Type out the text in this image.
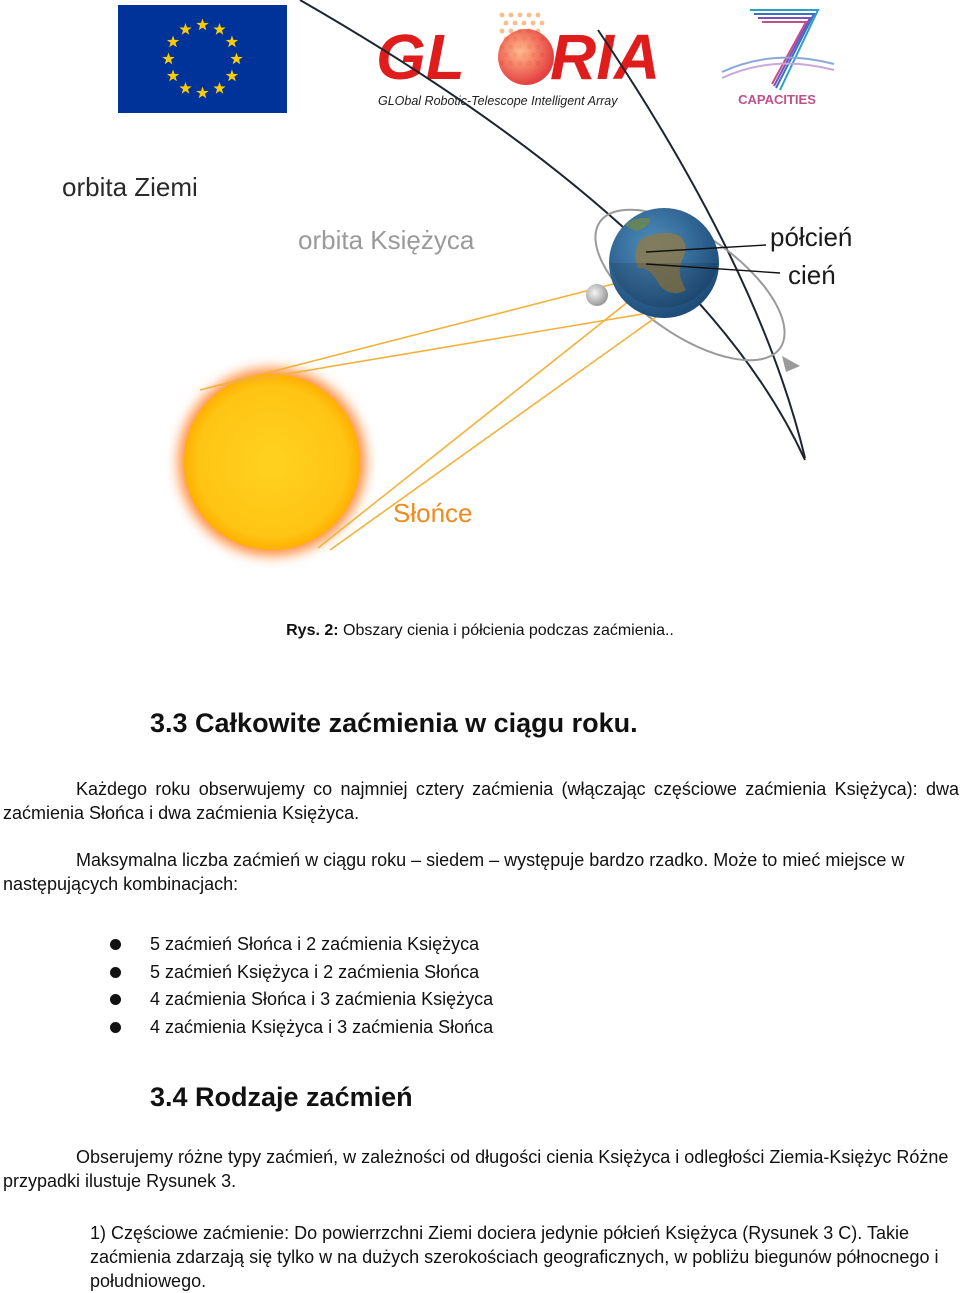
GL RIA
GLObal Robotic-Telescope Intelligent Array	CAPACITIES
orbita Ziemi
orbita Księżyca	półcień
cień
Słońce
Rys. 2: Obszary cienia i półcienia podczas zaćmienia..
3.3 Całkowite zaćmienia w ciągu roku.
Każdego roku obserwujemy co najmniej cztery zaćmienia (włączając częściowe zaćmienia Księżyca): dwa zaćmienia Słońca i dwa zaćmienia Księżyca.
Maksymalna liczba zaćmień w ciągu roku – siedem – występuje bardzo rzadko. Może to mieć miejsce w następujących kombinacjach:
5 zaćmień Słońca i 2 zaćmienia Księżyca
5 zaćmień Księżyca i 2 zaćmienia Słońca
4 zaćmienia Słońca i 3 zaćmienia Księżyca
4 zaćmienia Księżyca i 3 zaćmienia Słońca
3.4 Rodzaje zaćmień
Obserujemy różne typy zaćmień, w zależności od długości cienia Księżyca i odległości Ziemia-Księżyc Różne przypadki ilustuje Rysunek 3.
1) Częściowe zaćmienie: Do powierrzchni Ziemi dociera jedynie półcień Księżyca (Rysunek 3 C). Takie zaćmienia zdarzają się tylko w na dużych szerokościach geograficznych, w pobliżu biegunów północnego i południowego.
